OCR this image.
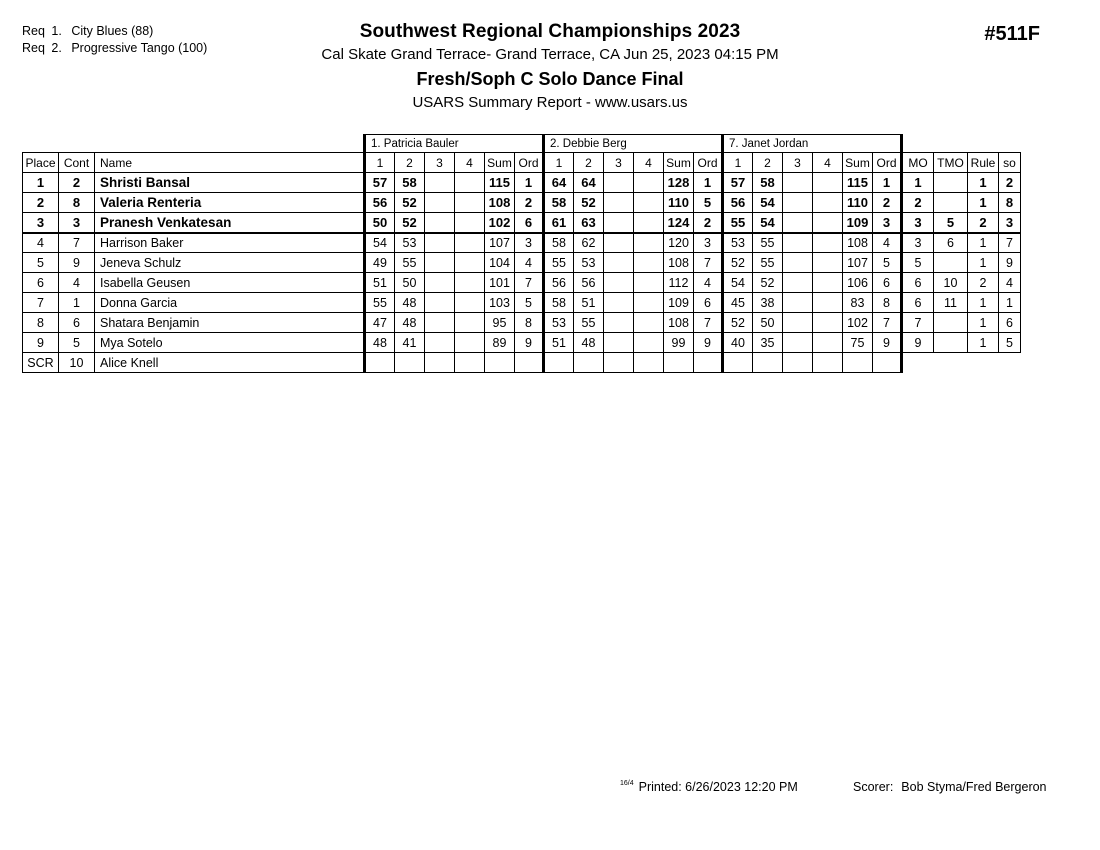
Req 1. City Blues (88)
Req 2. Progressive Tango (100)
Southwest Regional Championships 2023
Cal Skate Grand Terrace- Grand Terrace, CA Jun 25, 2023 04:15 PM
Fresh/Soph C Solo Dance Final
USARS Summary Report - www.usars.us
#511F
			1. Patricia Bauler						2. Debbie Berg						7. Janet Jordan									
Place	Cont	Name	1	2	3	4	Sum	Ord	1	2	3	4	Sum	Ord	1	2	3	4	Sum	Ord	MO	TMO	Rule	so
1	2	Shristi Bansal	57	58			115	1	64	64			128	1	57	58			115	1	1		1	2
2	8	Valeria Renteria	56	52			108	2	58	52			110	5	56	54			110	2	2		1	8
3	3	Pranesh Venkatesan	50	52			102	6	61	63			124	2	55	54			109	3	3	5	2	3
4	7	Harrison Baker	54	53			107	3	58	62			120	3	53	55			108	4	3	6	1	7
5	9	Jeneva Schulz	49	55			104	4	55	53			108	7	52	55			107	5	5		1	9
6	4	Isabella Geusen	51	50			101	7	56	56			112	4	54	52			106	6	6	10	2	4
7	1	Donna Garcia	55	48			103	5	58	51			109	6	45	38			83	8	6	11	1	1
8	6	Shatara Benjamin	47	48			95	8	53	55			108	7	52	50			102	7	7		1	6
9	5	Mya Sotelo	48	41			89	9	51	48			99	9	40	35			75	9	9		1	5
SCR	10	Alice Knell																						
$^{16/4}$ Printed: 6/26/2023 12:20 PM	Scorer: Bob Styma/Fred Bergeron
